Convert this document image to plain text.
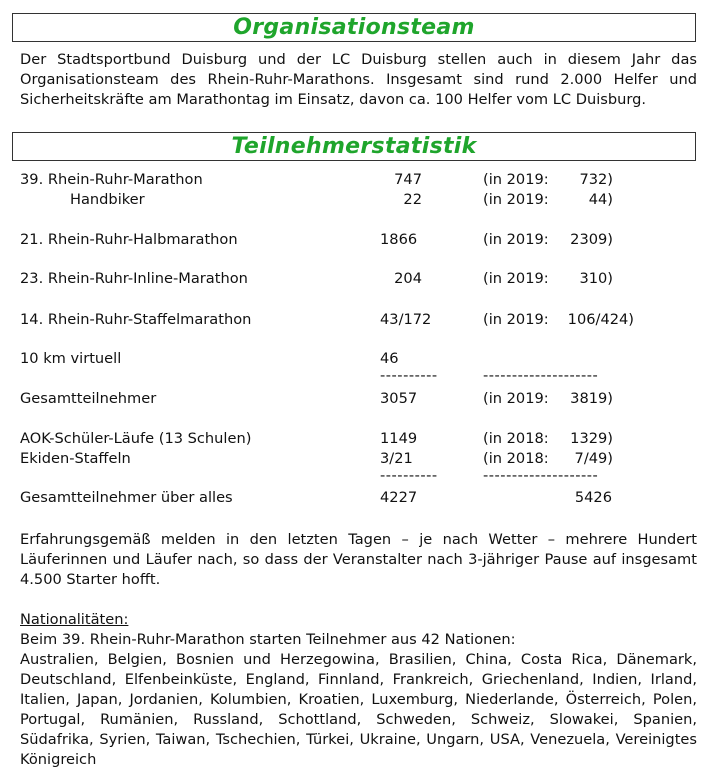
Organisationsteam

Der Stadtsportbund Duisburg und der LC Duisburg stellen auch in diesem Jahr das Organisationsteam des Rhein-Ruhr-Marathons. Insgesamt sind rund 2.000 Helfer und Sicherheitskräfte am Marathontag im Einsatz, davon ca. 100 Helfer vom LC Duisburg.

Teilnehmerstatistik
39. Rhein-Ruhr-Marathon	747	(in 2019: 732)
Handbiker	22	(in 2019:	44)
21. Rhein-Ruhr-Halbmarathon	1866	(in 2019: 2309)
23. Rhein-Ruhr-Inline-Marathon	204	(in 2019: 310)
14. Rhein-Ruhr-Staffelmarathon	43/172	(in 2019: 106/424)
10 km virtuell	46
----------	--------------------
Gesamtteilnehmer	3057	(in 2019: 3819)
AOK-Schüler-Läufe (13 Schulen)	1149	(in 2018: 1329)
Ekiden-Staffeln	3/21	(in 2018: 7/49)
----------	--------------------
Gesamtteilnehmer über alles	4227	5426

Erfahrungsgemäß melden in den letzten Tagen – je nach Wetter – mehrere Hundert Läuferinnen und Läufer nach, so dass der Veranstalter nach 3-jähriger Pause auf insgesamt 4.500 Starter hofft.

Nationalitäten:

Beim 39. Rhein-Ruhr-Marathon starten Teilnehmer aus 42 Nationen:

Australien, Belgien, Bosnien und Herzegowina, Brasilien, China, Costa Rica, Dänemark, Deutschland, Elfenbeinküste, England, Finnland, Frankreich, Griechenland, Indien, Irland, Italien, Japan, Jordanien, Kolumbien, Kroatien, Luxemburg, Niederlande, Österreich, Polen, Portugal, Rumänien, Russland, Schottland, Schweden, Schweiz, Slowakei, Spanien, Südafrika, Syrien, Taiwan, Tschechien, Türkei, Ukraine, Ungarn, USA, Venezuela, Vereinigtes Königreich
